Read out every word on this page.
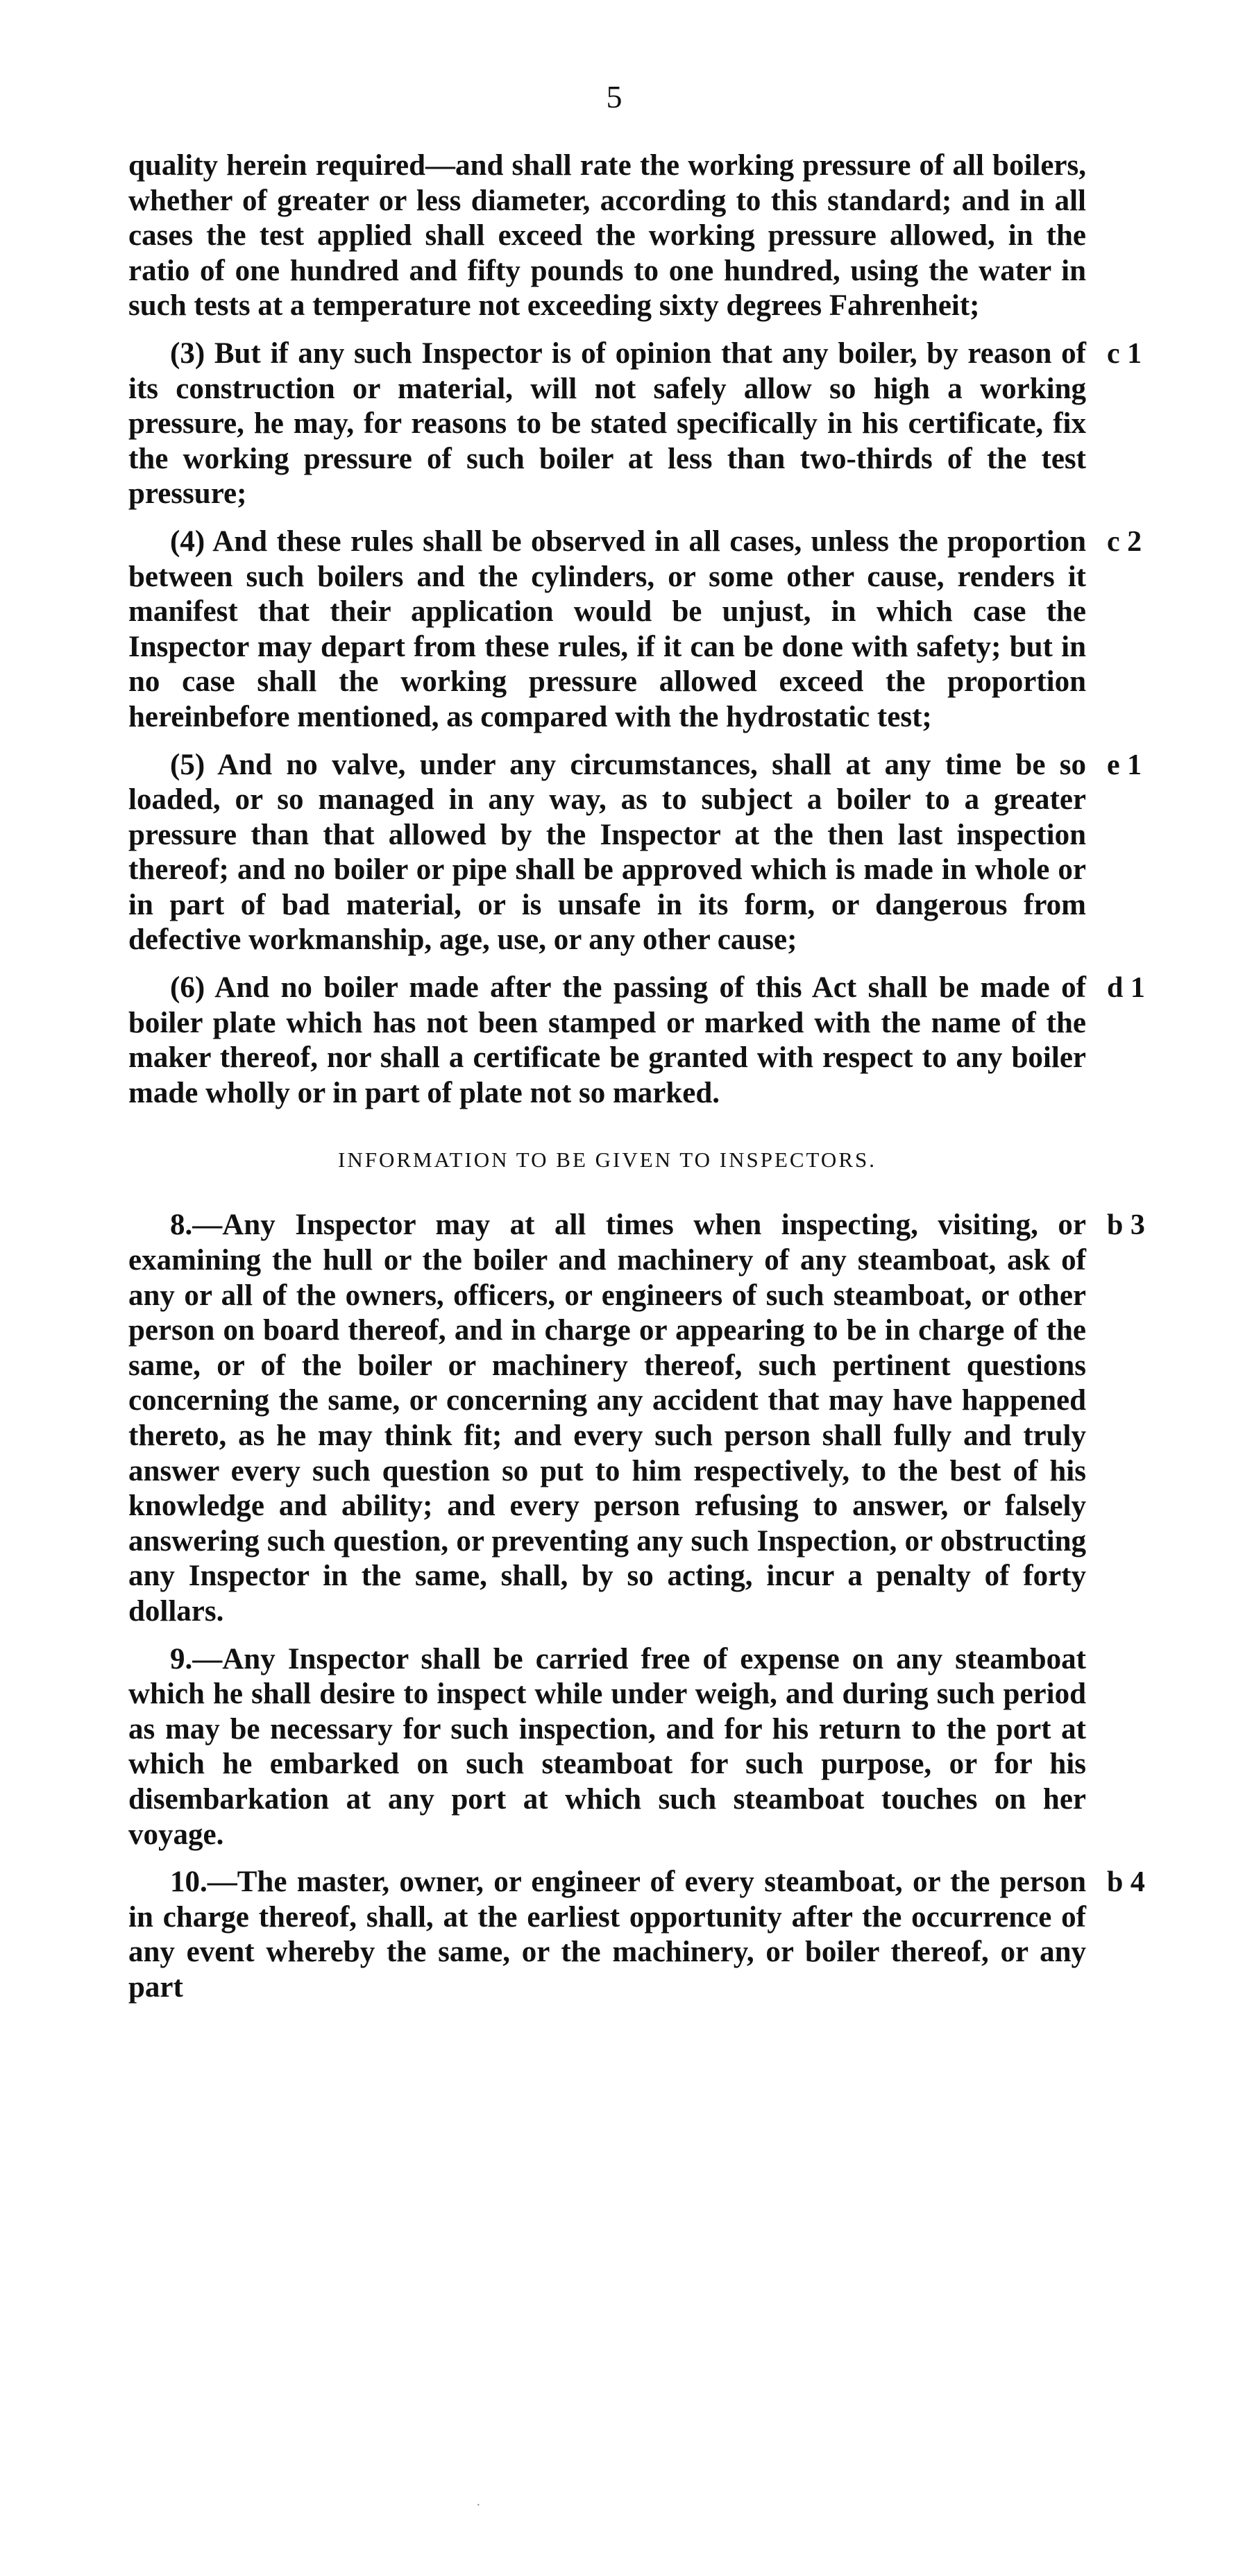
5
quality herein required—and shall rate the working pressure of all boilers, whether of greater or less diameter, according to this standard; and in all cases the test applied shall exceed the working pressure allowed, in the ratio of one hundred and fifty pounds to one hundred, using the water in such tests at a temperature not exceeding sixty degrees Fahrenheit;
c 1
(3) But if any such Inspector is of opinion that any boiler, by reason of its construction or material, will not safely allow so high a working pressure, he may, for reasons to be stated specifically in his certificate, fix the working pressure of such boiler at less than two-thirds of the test pressure;
c 2
(4) And these rules shall be observed in all cases, unless the proportion between such boilers and the cylinders, or some other cause, renders it manifest that their application would be unjust, in which case the Inspector may depart from these rules, if it can be done with safety; but in no case shall the working pressure allowed exceed the proportion hereinbefore mentioned, as compared with the hydrostatic test;
e 1
(5) And no valve, under any circumstances, shall at any time be so loaded, or so managed in any way, as to subject a boiler to a greater pressure than that allowed by the Inspector at the then last inspection thereof; and no boiler or pipe shall be approved which is made in whole or in part of bad material, or is unsafe in its form, or dangerous from defective workmanship, age, use, or any other cause;
d 1
(6) And no boiler made after the passing of this Act shall be made of boiler plate which has not been stamped or marked with the name of the maker thereof, nor shall a certificate be granted with respect to any boiler made wholly or in part of plate not so marked.
INFORMATION TO BE GIVEN TO INSPECTORS.
b 3
8.—Any Inspector may at all times when inspecting, visiting, or examining the hull or the boiler and machinery of any steamboat, ask of any or all of the owners, officers, or engineers of such steamboat, or other person on board thereof, and in charge or appearing to be in charge of the same, or of the boiler or machinery thereof, such pertinent questions concerning the same, or concerning any accident that may have happened thereto, as he may think fit; and every such person shall fully and truly answer every such question so put to him respectively, to the best of his knowledge and ability; and every person refusing to answer, or falsely answering such question, or preventing any such Inspection, or obstructing any Inspector in the same, shall, by so acting, incur a penalty of forty dollars.
9.—Any Inspector shall be carried free of expense on any steamboat which he shall desire to inspect while under weigh, and during such period as may be necessary for such inspection, and for his return to the port at which he embarked on such steamboat for such purpose, or for his disembarkation at any port at which such steamboat touches on her voyage.
b 4
10.—The master, owner, or engineer of every steamboat, or the person in charge thereof, shall, at the earliest opportunity after the occurrence of any event whereby the same, or the machinery, or boiler thereof, or any part
·
